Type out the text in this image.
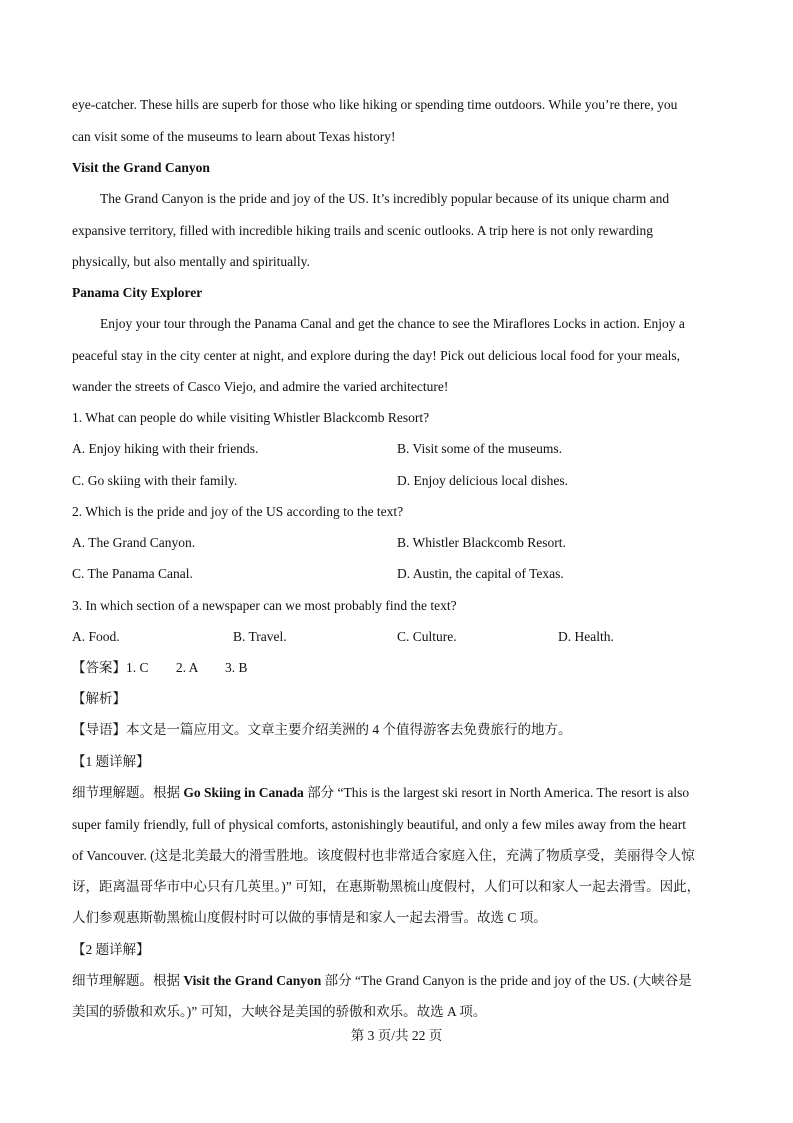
eye-catcher. These hills are superb for those who like hiking or spending time outdoors. While you’re there, you
can visit some of the museums to learn about Texas history!
Visit the Grand Canyon
The Grand Canyon is the pride and joy of the US. It’s incredibly popular because of its unique charm and
expansive territory, filled with incredible hiking trails and scenic outlooks. A trip here is not only rewarding
physically, but also mentally and spiritually.
Panama City Explorer
Enjoy your tour through the Panama Canal and get the chance to see the Miraflores Locks in action. Enjoy a
peaceful stay in the city center at night, and explore during the day! Pick out delicious local food for your meals,
wander the streets of Casco Viejo, and admire the varied architecture!
1. What can people do while visiting Whistler Blackcomb Resort?
A. Enjoy hiking with their friends.	B. Visit some of the museums.
C. Go skiing with their family.	D. Enjoy delicious local dishes.
2. Which is the pride and joy of the US according to the text?
A. The Grand Canyon.	B. Whistler Blackcomb Resort.
C. The Panama Canal.	D. Austin, the capital of Texas.
3. In which section of a newspaper can we most probably find the text?
A. Food.	B. Travel.	C. Culture.	D. Health.
【答案】1. C 2. A 3. B
【解析】
【导语】本文是一篇应用文。文章主要介绍美洲的 4 个值得游客去免费旅行的地方。
【1 题详解】
细节理解题。根据 Go Skiing in Canada 部分 “This is the largest ski resort in North America. The resort is also
super family friendly, full of physical comforts, astonishingly beautiful, and only a few miles away from the heart
of Vancouver. (这是北美最大的滑雪胜地。该度假村也非常适合家庭入住，充满了物质享受，美丽得令人惊
讶，距离温哥华市中心只有几英里。)” 可知，在惠斯勒黑梳山度假村，人们可以和家人一起去滑雪。因此，
人们参观惠斯勒黑梳山度假村时可以做的事情是和家人一起去滑雪。故选 C 项。
【2 题详解】
细节理解题。根据 Visit the Grand Canyon 部分 “The Grand Canyon is the pride and joy of the US. (大峡谷是
美国的骄傲和欢乐。)” 可知，大峡谷是美国的骄傲和欢乐。故选 A 项。
第 3 页/共 22 页
